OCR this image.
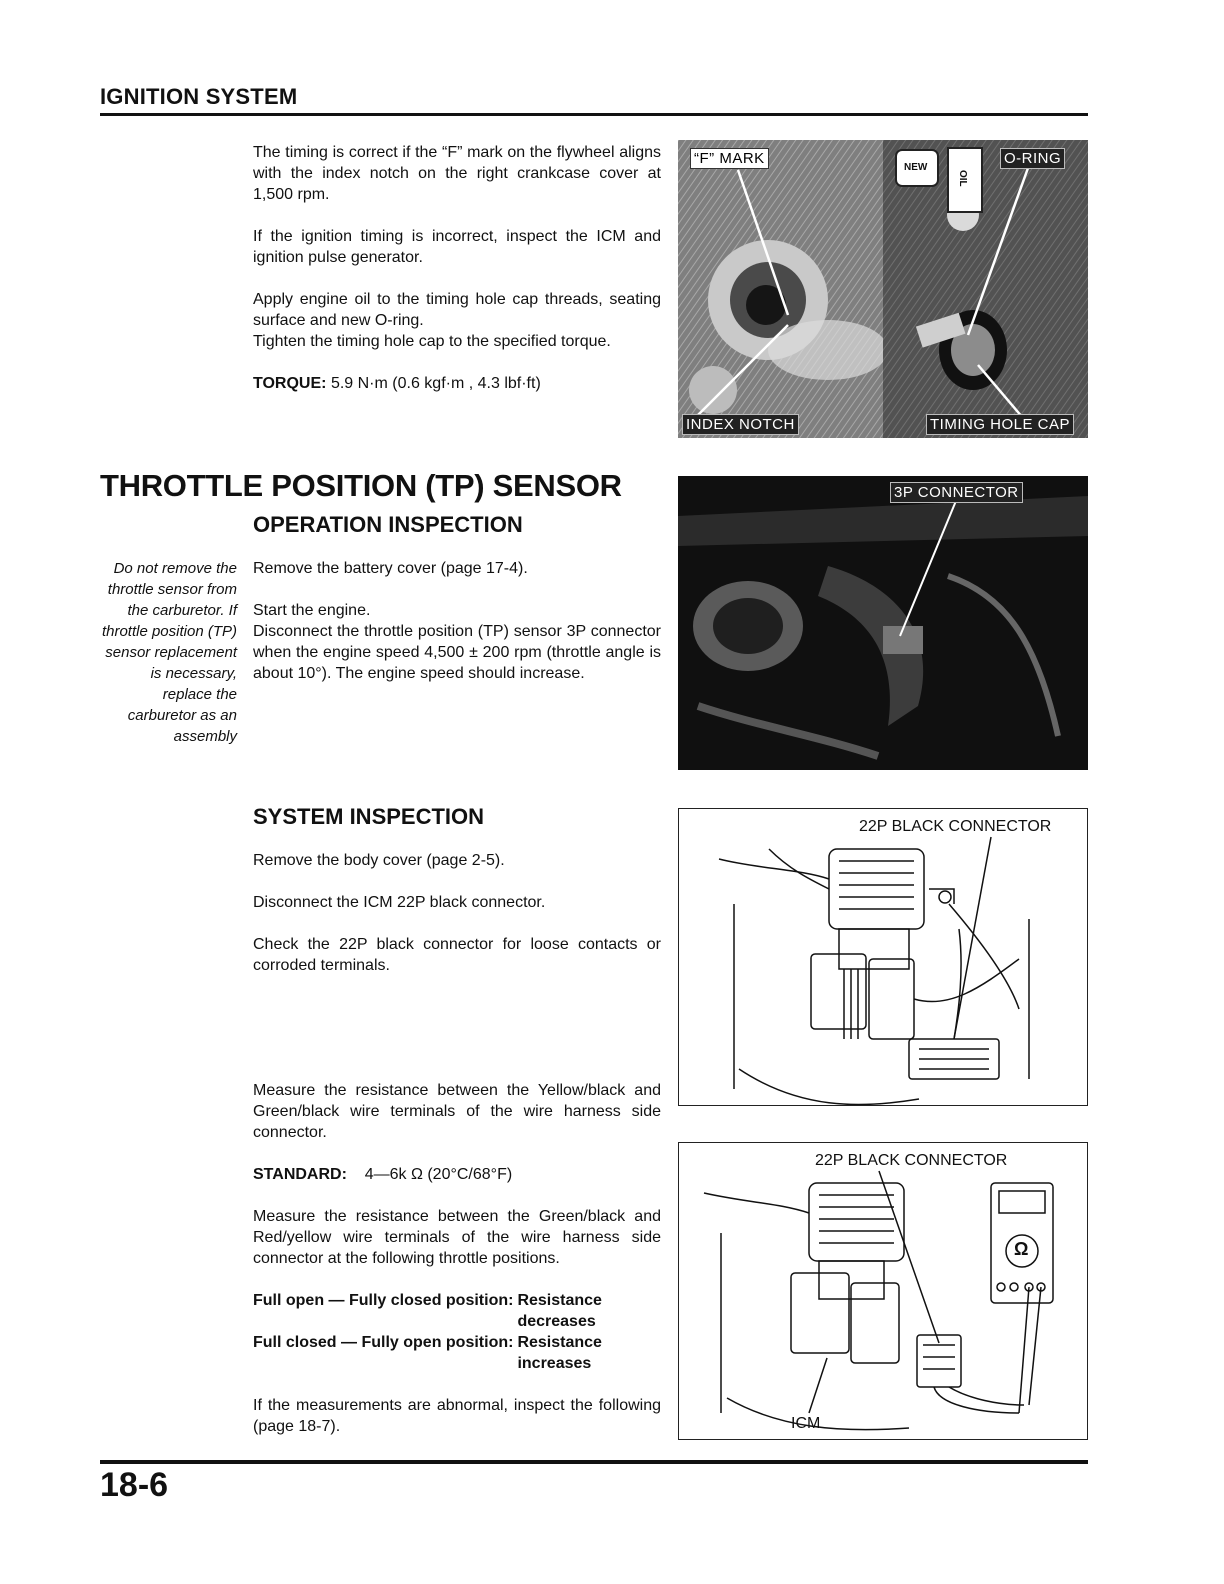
IGNITION SYSTEM

The timing is correct if the “F” mark on the flywheel aligns with the index notch on the right crankcase cover at 1,500 rpm.

If the ignition timing is incorrect, inspect the ICM and ignition pulse generator.

Apply engine oil to the timing hole cap threads, seating surface and new O-ring.

Tighten the timing hole cap to the specified torque.

TORQUE: 5.9 N·m (0.6 kgf·m , 4.3 lbf·ft)

“F” MARK
NEW
OIL
O-RING
INDEX NOTCH	TIMING HOLE CAP
THROTTLE POSITION (TP) SENSOR
OPERATION INSPECTION
Do not remove the throttle sensor from the carburetor. If throttle position (TP) sensor replacement is necessary, replace the carburetor as an assembly

Remove the battery cover (page 17-4).

Start the engine.

Disconnect the throttle position (TP) sensor 3P connector when the engine speed 4,500 ± 200 rpm (throttle angle is about 10°). The engine speed should increase.

3P CONNECTOR
SYSTEM INSPECTION

Remove the body cover (page 2-5).

Disconnect the ICM 22P black connector.

Check the 22P black connector for loose contacts or corroded terminals.

Measure the resistance between the Yellow/black and Green/black wire terminals of the wire harness side connector.

STANDARD: 4—6k Ω (20°C/68°F)

Measure the resistance between the Green/black and Red/yellow wire terminals of the wire harness side connector at the following throttle positions.

Full open — Fully closed position: Resistance decreases
Full closed — Fully open position: Resistance increases

If the measurements are abnormal, inspect the following (page 18-7).

22P BLACK CONNECTOR
22P BLACK CONNECTOR
Ω
ICM
18-6
